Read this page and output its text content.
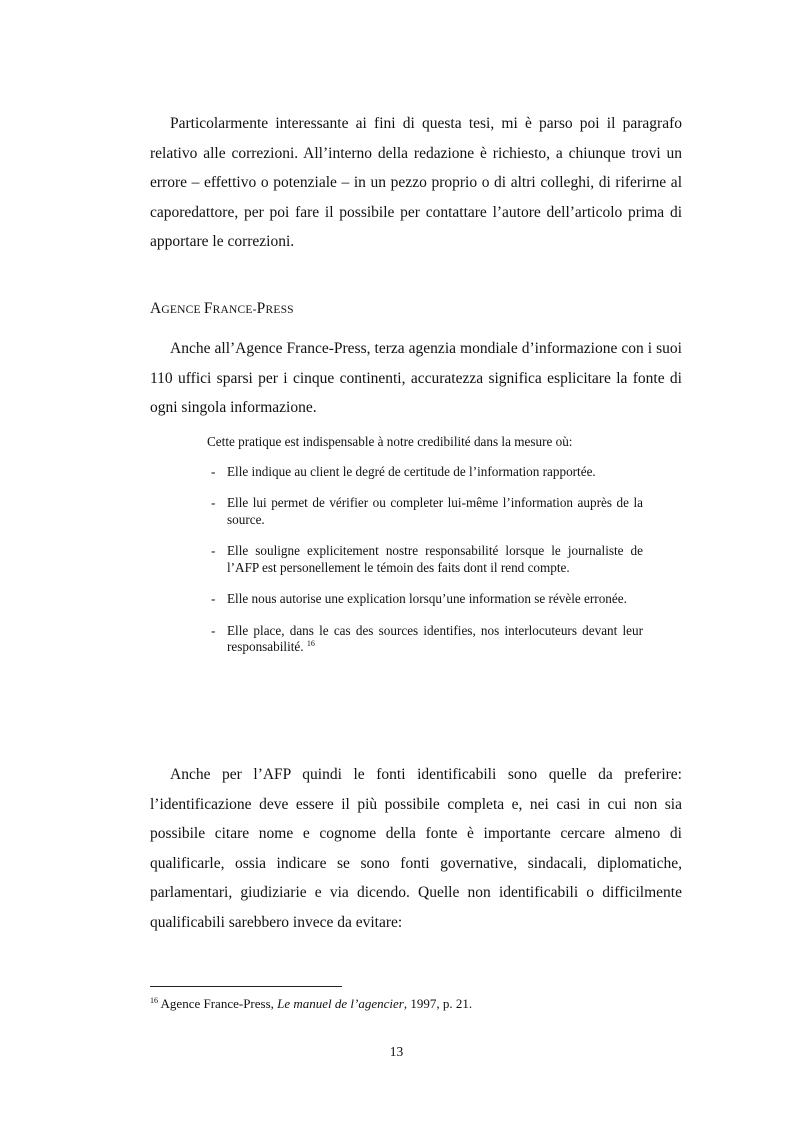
Particolarmente interessante ai fini di questa tesi, mi è parso poi il paragrafo relativo alle correzioni. All’interno della redazione è richiesto, a chiunque trovi un errore – effettivo o potenziale – in un pezzo proprio o di altri colleghi, di riferirne al caporedattore, per poi fare il possibile per contattare l’autore dell’articolo prima di apportare le correzioni.

AGENCE FRANCE-PRESS

Anche all’Agence France-Press, terza agenzia mondiale d’informazione con i suoi 110 uffici sparsi per i cinque continenti, accuratezza significa esplicitare la fonte di ogni singola informazione.

Cette pratique est indispensable à notre credibilité dans la mesure où:

- Elle indique au client le degré de certitude de l’information rapportée.
- Elle lui permet de vérifier ou completer lui-même l’information auprès de la source.
- Elle souligne explicitement nostre responsabilité lorsque le journaliste de l’AFP est personellement le témoin des faits dont il rend compte.
- Elle nous autorise une explication lorsqu’une information se révèle erronée.
- Elle place, dans le cas des sources identifies, nos interlocuteurs devant leur responsabilité. $^{16}$

Anche per l’AFP quindi le fonti identificabili sono quelle da preferire: l’identificazione deve essere il più possibile completa e, nei casi in cui non sia possibile citare nome e cognome della fonte è importante cercare almeno di qualificarle, ossia indicare se sono fonti governative, sindacali, diplomatiche, parlamentari, giudiziarie e via dicendo. Quelle non identificabili o difficilmente qualificabili sarebbero invece da evitare:

$^{16}$ Agence France-Press, Le manuel de l’agencier, 1997, p. 21.
13
